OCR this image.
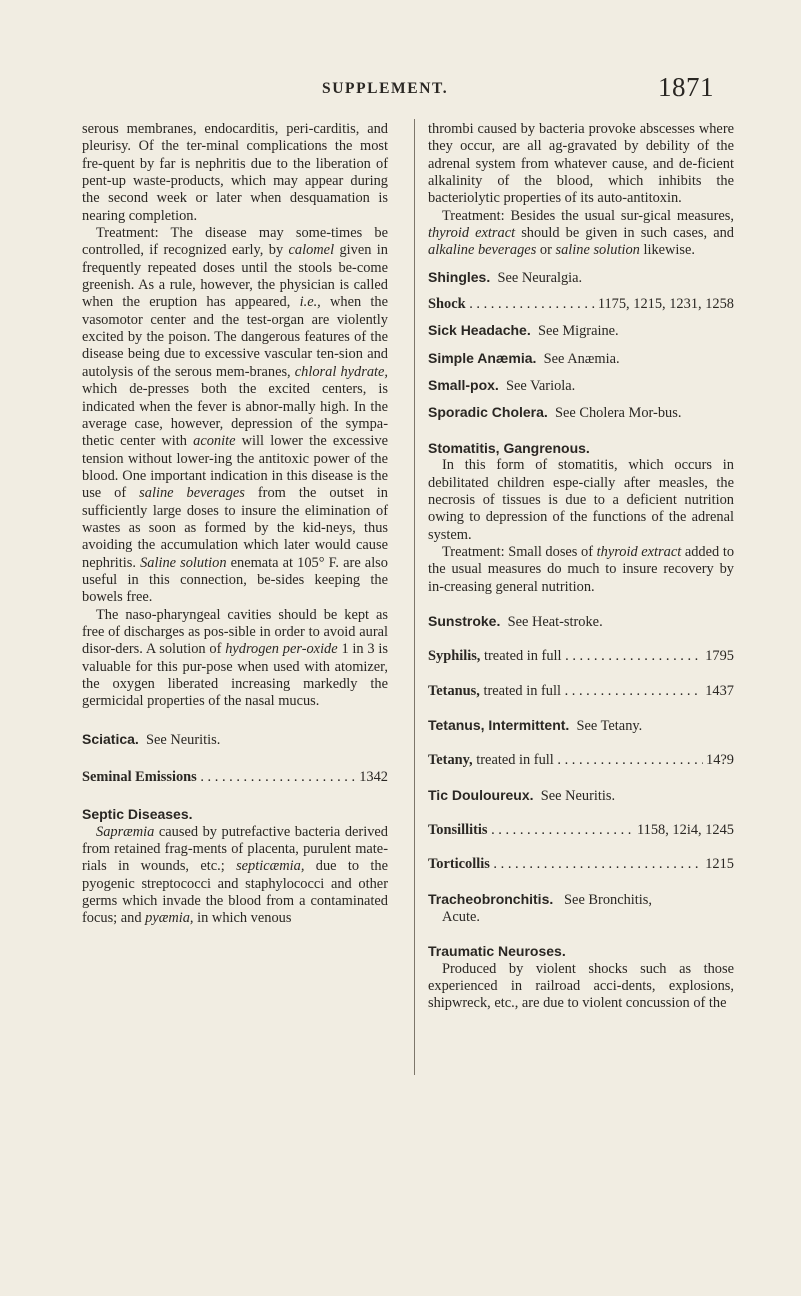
SUPPLEMENT.	1871

serous membranes, endocarditis, peri-carditis, and pleurisy. Of the ter-minal complications the most fre-quent by far is nephritis due to the liberation of pent-up waste-products, which may appear during the second week or later when desquamation is nearing completion.

Treatment: The disease may some-times be controlled, if recognized early, by calomel given in frequently repeated doses until the stools be-come greenish. As a rule, however, the physician is called when the eruption has appeared, i.e., when the vasomotor center and the test-organ are violently excited by the poison. The dangerous features of the disease being due to excessive vascular ten-sion and autolysis of the serous mem-branes, chloral hydrate, which de-presses both the excited centers, is indicated when the fever is abnor-mally high. In the average case, however, depression of the sympa-thetic center with aconite will lower the excessive tension without lower-ing the antitoxic power of the blood. One important indication in this disease is the use of saline beverages from the outset in sufficiently large doses to insure the elimination of wastes as soon as formed by the kid-neys, thus avoiding the accumulation which later would cause nephritis. Saline solution enemata at 105° F. are also useful in this connection, be-sides keeping the bowels free.

The naso-pharyngeal cavities should be kept as free of discharges as pos-sible in order to avoid aural disor-ders. A solution of hydrogen per-oxide 1 in 3 is valuable for this pur-pose when used with atomizer, the oxygen liberated increasing markedly the germicidal properties of the nasal mucus.

Sciatica. See Neuritis.

Seminal Emissions . . .	1342

Septic Diseases.

Sapræmia caused by putrefactive bacteria derived from retained frag-ments of placenta, purulent mate-rials in wounds, etc.; septicæmia, due to the pyogenic streptococci and staphylococci and other germs which invade the blood from a contaminated focus; and pyæmia, in which venous

thrombi caused by bacteria provoke abscesses where they occur, are all ag-gravated by debility of the adrenal system from whatever cause, and de-ficient alkalinity of the blood, which inhibits the bacteriolytic properties of its auto-antitoxin.

Treatment: Besides the usual sur-gical measures, thyroid extract should be given in such cases, and alkaline beverages or saline solution likewise.

Shingles. See Neuralgia.

Shock . . .	1175, 1215, 1231, 1258

Sick Headache. See Migraine.

Simple Anæmia. See Anæmia.

Small-pox. See Variola.

Sporadic Cholera. See Cholera Mor-bus.

Stomatitis, Gangrenous.

In this form of stomatitis, which occurs in debilitated children espe-cially after measles, the necrosis of tissues is due to a deficient nutrition owing to depression of the functions of the adrenal system.

Treatment: Small doses of thyroid extract added to the usual measures do much to insure recovery by in-creasing general nutrition.

Sunstroke. See Heat-stroke.

Syphilis, treated in full . . .	1795

Tetanus, treated in full . . .	1437

Tetanus, Intermittent. See Tetany.

Tetany, treated in full . . .	14?9

Tic Douloureux. See Neuritis.

Tonsillitis . . .	1158, 12i4, 1245

Torticollis . . .	1215

Tracheobronchitis. See Bronchitis,

Acute.

Traumatic Neuroses.

Produced by violent shocks such as those experienced in railroad acci-dents, explosions, shipwreck, etc., are due to violent concussion of the
